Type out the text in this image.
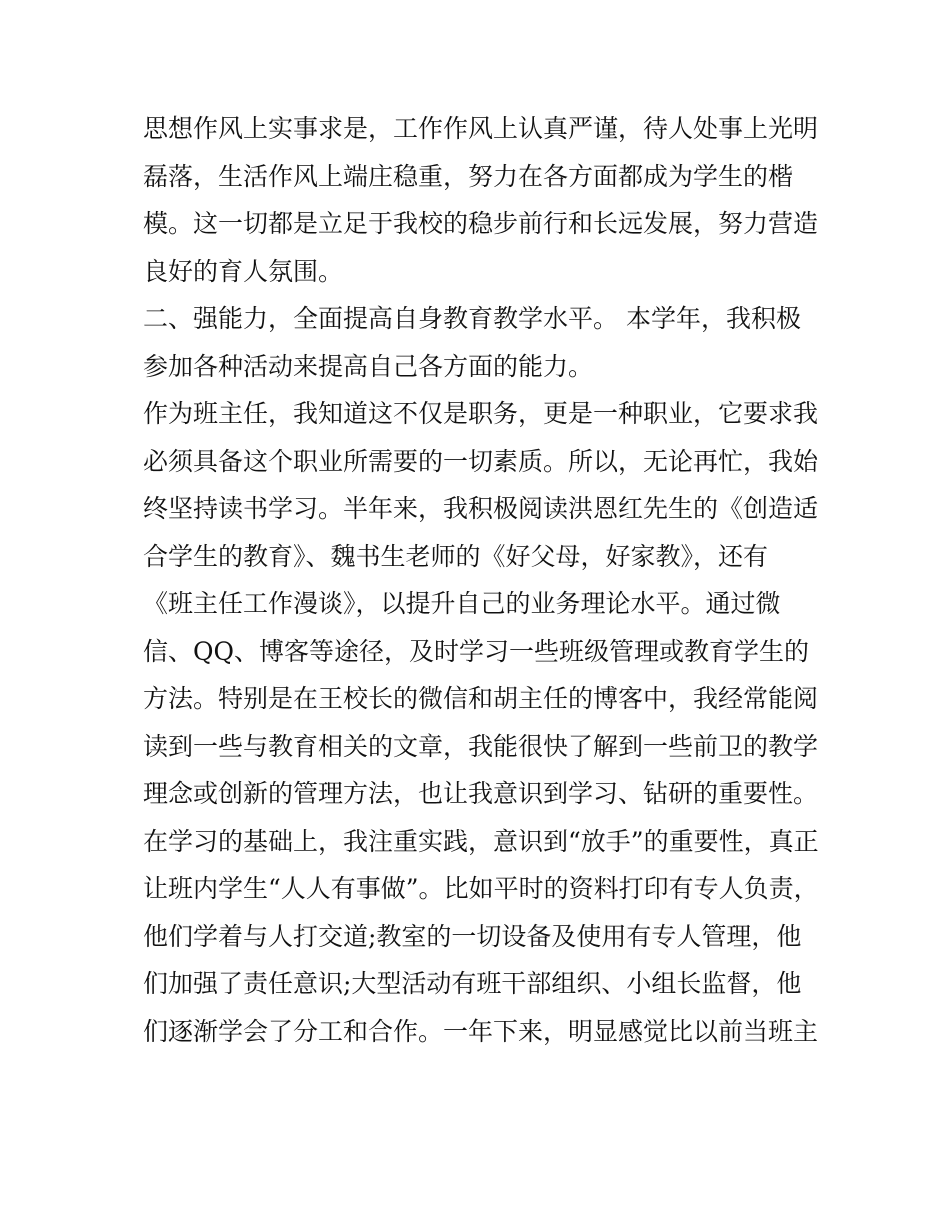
思想作风上实事求是，工作作风上认真严谨，待人处事上光明
磊落，生活作风上端庄稳重，努力在各方面都成为学生的楷
模。这一切都是立足于我校的稳步前行和长远发展，努力营造
良好的育人氛围。
二、强能力，全面提高自身教育教学水平。 本学年，我积极
参加各种活动来提高自己各方面的能力。
作为班主任，我知道这不仅是职务，更是一种职业，它要求我
必须具备这个职业所需要的一切素质。所以，无论再忙，我始
终坚持读书学习。半年来，我积极阅读洪恩红先生的《创造适
合学生的教育》、魏书生老师的《好父母，好家教》，还有
《班主任工作漫谈》，以提升自己的业务理论水平。通过微
信、QQ、博客等途径，及时学习一些班级管理或教育学生的
方法。特别是在王校长的微信和胡主任的博客中，我经常能阅
读到一些与教育相关的文章，我能很快了解到一些前卫的教学
理念或创新的管理方法，也让我意识到学习、钻研的重要性。
在学习的基础上，我注重实践，意识到“放手”的重要性，真正
让班内学生“人人有事做”。比如平时的资料打印有专人负责，
他们学着与人打交道;教室的一切设备及使用有专人管理，他
们加强了责任意识;大型活动有班干部组织、小组长监督，他
们逐渐学会了分工和合作。一年下来，明显感觉比以前当班主
